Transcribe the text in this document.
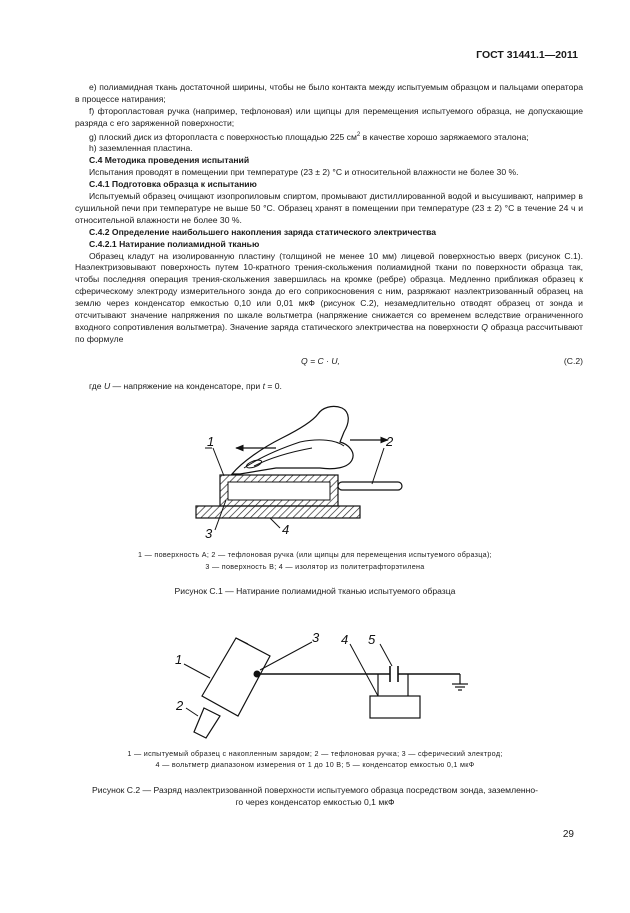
ГОСТ 31441.1—2011

е) полиамидная ткань достаточной ширины, чтобы не было контакта между испытуемым образцом и пальцами оператора в процессе натирания;

f) фторопластовая ручка (например, тефлоновая) или щипцы для перемещения испытуемого образца, не допускающие разряда с его заряженной поверхности;

g) плоский диск из фторопласта с поверхностью площадью 225 $см^2$ в качестве хорошо заряжаемого эталона;

h) заземленная пластина.

С.4 Методика проведения испытаний

Испытания проводят в помещении при температуре (23 ± 2) °С и относительной влажности не более 30 %.

С.4.1 Подготовка образца к испытанию

Испытуемый образец очищают изопропиловым спиртом, промывают дистиллированной водой и высушивают, например в сушильной печи при температуре не выше 50 °С. Образец хранят в помещении при температуре (23 ± 2) °С в течение 24 ч и относительной влажности не более 30 %.

С.4.2 Определение наибольшего накопления заряда статического электричества

С.4.2.1 Натирание полиамидной тканью

Образец кладут на изолированную пластину (толщиной не менее 10 мм) лицевой поверхностью вверх (рисунок С.1). Наэлектризовывают поверхность путем 10-кратного трения-скольжения полиамидной ткани по поверхности образца так, чтобы последняя операция трения-скольжения завершилась на кромке (ребре) образца. Медленно приближая образец к сферическому электроду измерительного зонда до его соприкосновения с ним, разряжают наэлектризованный образец на землю через конденсатор емкостью 0,10 или 0,01 мкФ (рисунок С.2), незамедлительно отводят образец от зонда и отсчитывают значение напряжения по шкале вольтметра (напряжение снижается со временем вследствие ограниченного входного сопротивления вольтметра). Значение заряда статического электричества на поверхности Q образца рассчитывают по формуле

Q = C · U,	(С.2)
где U — напряжение на конденсаторе, при t = 0.
1	2
3	4
1 — поверхность А; 2 — тефлоновая ручка (или щипцы для перемещения испытуемого образца);
3 — поверхность В; 4 — изолятор из политетрафторэтилена
Рисунок С.1 — Натирание полиамидной тканью испытуемого образца
1
2
3 4 5
1 — испытуемый образец с накопленным зарядом; 2 — тефлоновая ручка; 3 — сферический электрод;
4 — вольтметр диапазоном измерения от 1 до 10 В; 5 — конденсатор емкостью 0,1 мкФ
Рисунок С.2 — Разряд наэлектризованной поверхности испытуемого образца посредством зонда, заземленно-
го через конденсатор емкостью 0,1 мкФ
29
